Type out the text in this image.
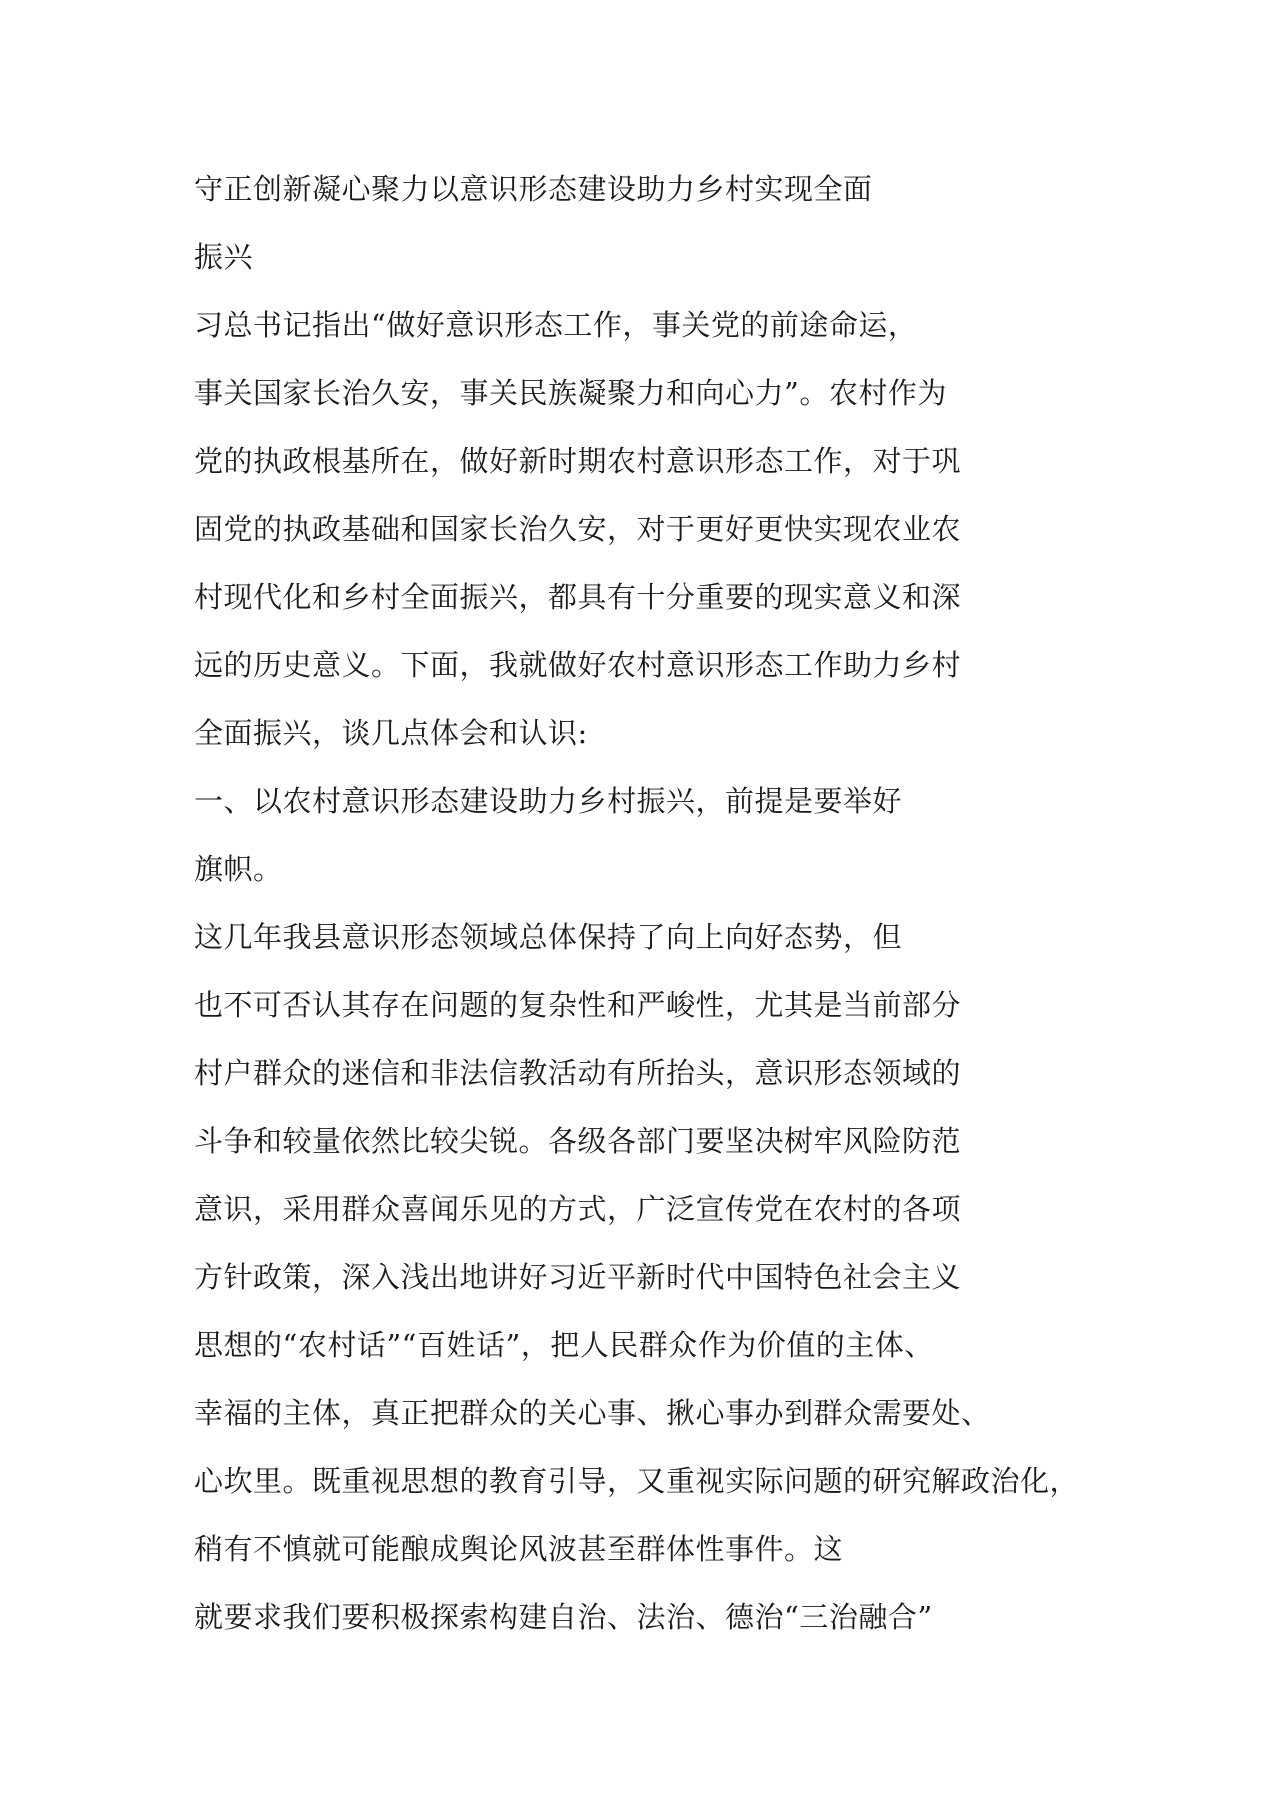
守正创新凝心聚力以意识形态建设助力乡村实现全面

振兴

习总书记指出“做好意识形态工作，事关党的前途命运，

事关国家长治久安，事关民族凝聚力和向心力”。农村作为

党的执政根基所在，做好新时期农村意识形态工作，对于巩

固党的执政基础和国家长治久安，对于更好更快实现农业农

村现代化和乡村全面振兴，都具有十分重要的现实意义和深

远的历史意义。下面，我就做好农村意识形态工作助力乡村

全面振兴，谈几点体会和认识:

一、以农村意识形态建设助力乡村振兴，前提是要举好

旗帜。

这几年我县意识形态领域总体保持了向上向好态势，但

也不可否认其存在问题的复杂性和严峻性，尤其是当前部分

村户群众的迷信和非法信教活动有所抬头，意识形态领域的

斗争和较量依然比较尖锐。各级各部门要坚决树牢风险防范

意识，采用群众喜闻乐见的方式，广泛宣传党在农村的各项

方针政策，深入浅出地讲好习近平新时代中国特色社会主义

思想的“农村话”“百姓话”，把人民群众作为价值的主体、

幸福的主体，真正把群众的关心事、揪心事办到群众需要处、

心坎里。既重视思想的教育引导，又重视实际问题的研究解政治化，

稍有不慎就可能酿成舆论风波甚至群体性事件。这

就要求我们要积极探索构建自治、法治、德治“三治融合”
